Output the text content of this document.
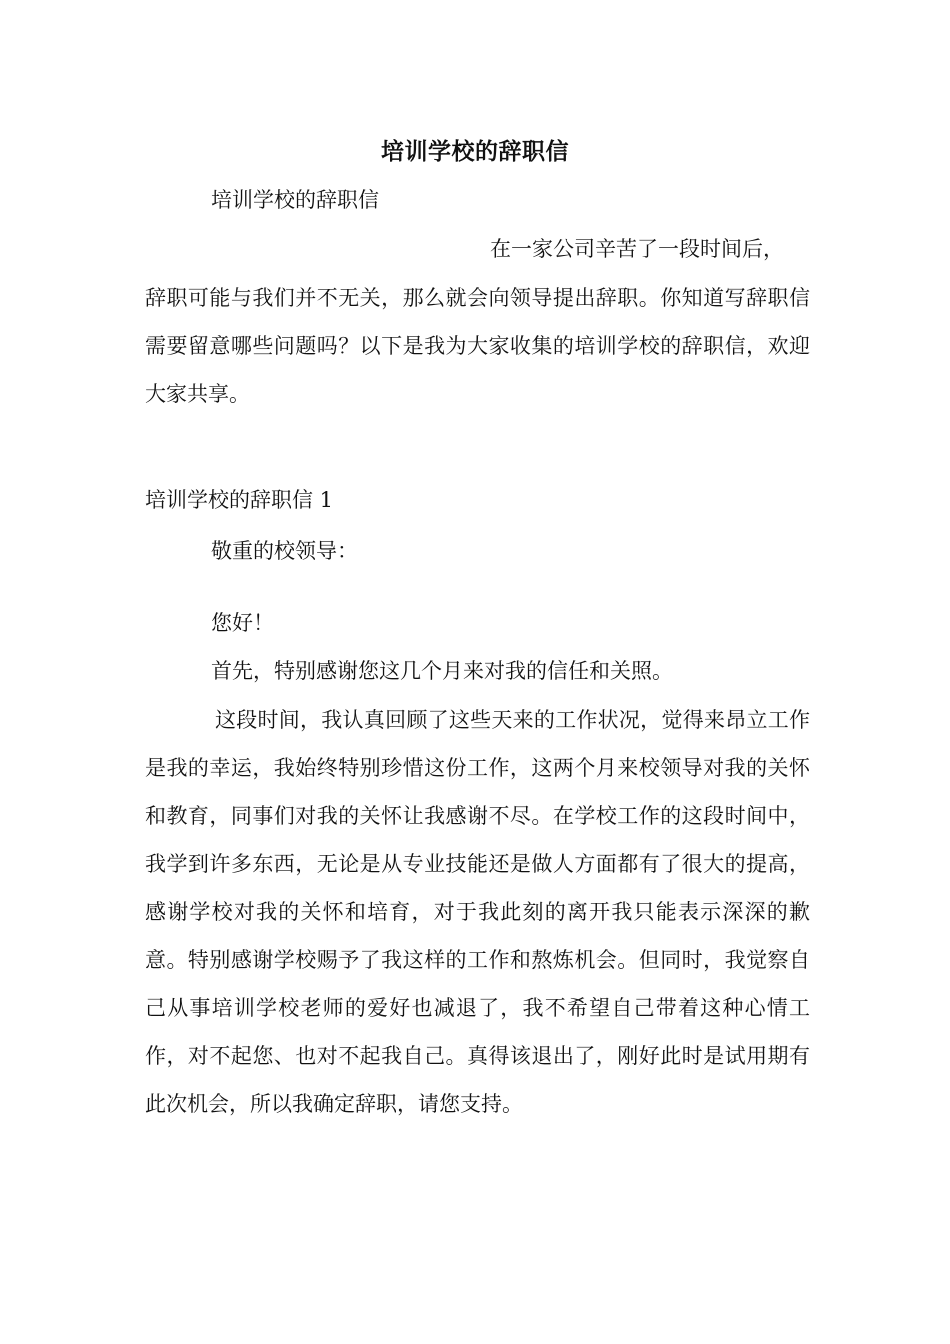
培训学校的辞职信
培训学校的辞职信
在一家公司辛苦了一段时间后，
辞职可能与我们并不无关，那么就会向领导提出辞职。你知道写辞职信需要留意哪些问题吗？以下是我为大家收集的培训学校的辞职信，欢迎大家共享。
培训学校的辞职信 1
敬重的校领导：
您好！
首先，特别感谢您这几个月来对我的信任和关照。
这段时间，我认真回顾了这些天来的工作状况，觉得来昂立工作是我的幸运，我始终特别珍惜这份工作，这两个月来校领导对我的关怀和教育，同事们对我的关怀让我感谢不尽。在学校工作的这段时间中，我学到许多东西，无论是从专业技能还是做人方面都有了很大的提高，感谢学校对我的关怀和培育，对于我此刻的离开我只能表示深深的歉意。特别感谢学校赐予了我这样的工作和熬炼机会。但同时，我觉察自己从事培训学校老师的爱好也减退了，我不希望自己带着这种心情工作，对不起您、也对不起我自己。真得该退出了，刚好此时是试用期有此次机会，所以我确定辞职，请您支持。
